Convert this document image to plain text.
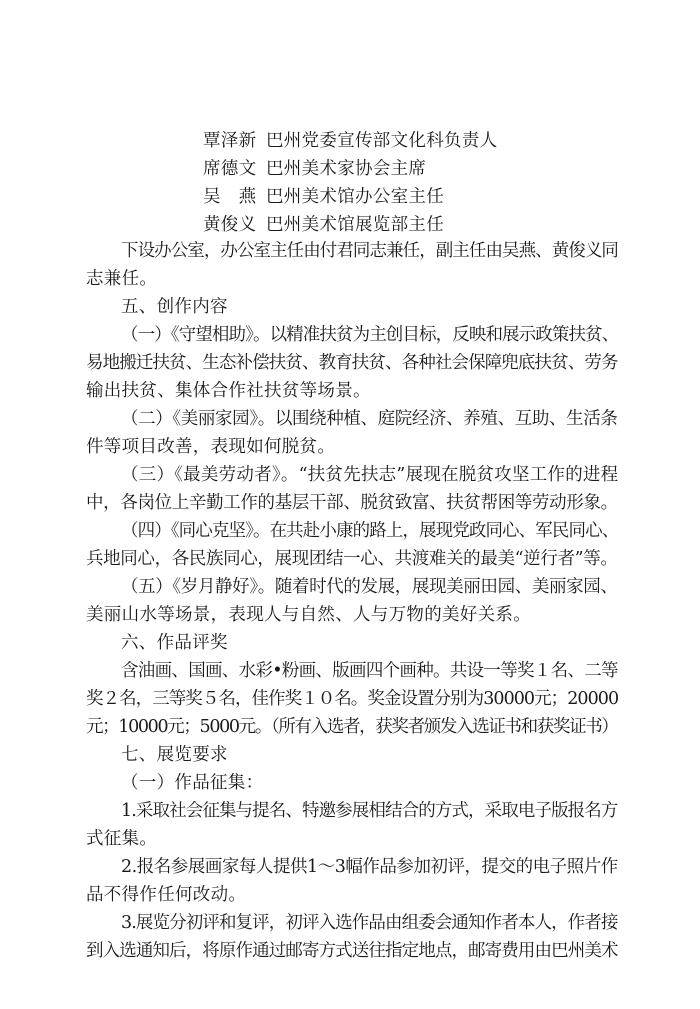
覃泽新 巴州党委宣传部文化科负责人
席德文 巴州美术家协会主席
吴　燕 巴州美术馆办公室主任
黄俊义 巴州美术馆展览部主任
下设办公室，办公室主任由付君同志兼任，副主任由吴燕、黄俊义同
志兼任。
五、创作内容
（一）《守望相助》。以精准扶贫为主创目标，反映和展示政策扶贫、
易地搬迁扶贫、生态补偿扶贫、教育扶贫、各种社会保障兜底扶贫、劳务
输出扶贫、集体合作社扶贫等场景。
（二）《美丽家园》。以围绕种植、庭院经济、养殖、互助、生活条
件等项目改善，表现如何脱贫。
（三）《最美劳动者》。“扶贫先扶志”展现在脱贫攻坚工作的进程
中，各岗位上辛勤工作的基层干部、脱贫致富、扶贫帮困等劳动形象。
（四）《同心克坚》。在共赴小康的路上，展现党政同心、军民同心、
兵地同心，各民族同心，展现团结一心、共渡难关的最美“逆行者”等。
（五）《岁月静好》。随着时代的发展，展现美丽田园、美丽家园、
美丽山水等场景，表现人与自然、人与万物的美好关系。
六、作品评奖
含油画、国画、水彩•粉画、版画四个画种。共设一等奖１名、二等
奖２名，三等奖５名，佳作奖１０名。奖金设置分别为30000元；20000
元；10000元；5000元。（所有入选者，获奖者颁发入选证书和获奖证书）
七、展览要求
（一）作品征集：
1.采取社会征集与提名、特邀参展相结合的方式，采取电子版报名方
式征集。
2.报名参展画家每人提供1～3幅作品参加初评，提交的电子照片作
品不得作任何改动。
3.展览分初评和复评，初评入选作品由组委会通知作者本人，作者接
到入选通知后，将原作通过邮寄方式送往指定地点，邮寄费用由巴州美术
